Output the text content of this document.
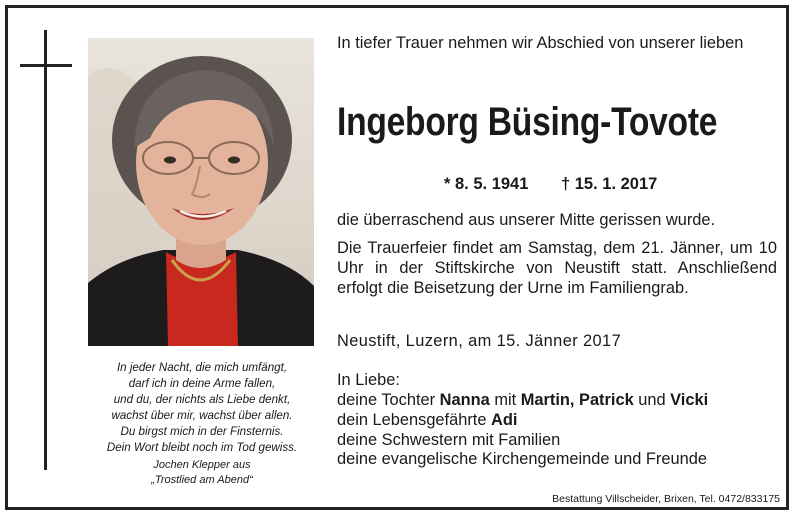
In jeder Nacht, die mich umfängt,
darf ich in deine Arme fallen,
und du, der nichts als Liebe denkt,
wachst über mir, wachst über allen.
Du birgst mich in der Finsternis.
Dein Wort bleibt noch im Tod gewiss.
Jochen Klepper aus
„Trostlied am Abend“
In tiefer Trauer nehmen wir Abschied von unserer lieben
Ingeborg Büsing-Tovote
* 8. 5. 1941 † 15. 1. 2017
die überraschend aus unserer Mitte gerissen wurde.
Die Trauerfeier findet am Samstag, dem 21. Jänner, um 10 Uhr in der Stiftskirche von Neustift statt. Anschließend erfolgt die Beisetzung der Urne im Familiengrab.
Neustift, Luzern, am 15. Jänner 2017
In Liebe:
deine Tochter Nanna mit Martin, Patrick und Vicki
dein Lebensgefährte Adi
deine Schwestern mit Familien
deine evangelische Kirchengemeinde und Freunde
Bestattung Villscheider, Brixen, Tel. 0472/833175
